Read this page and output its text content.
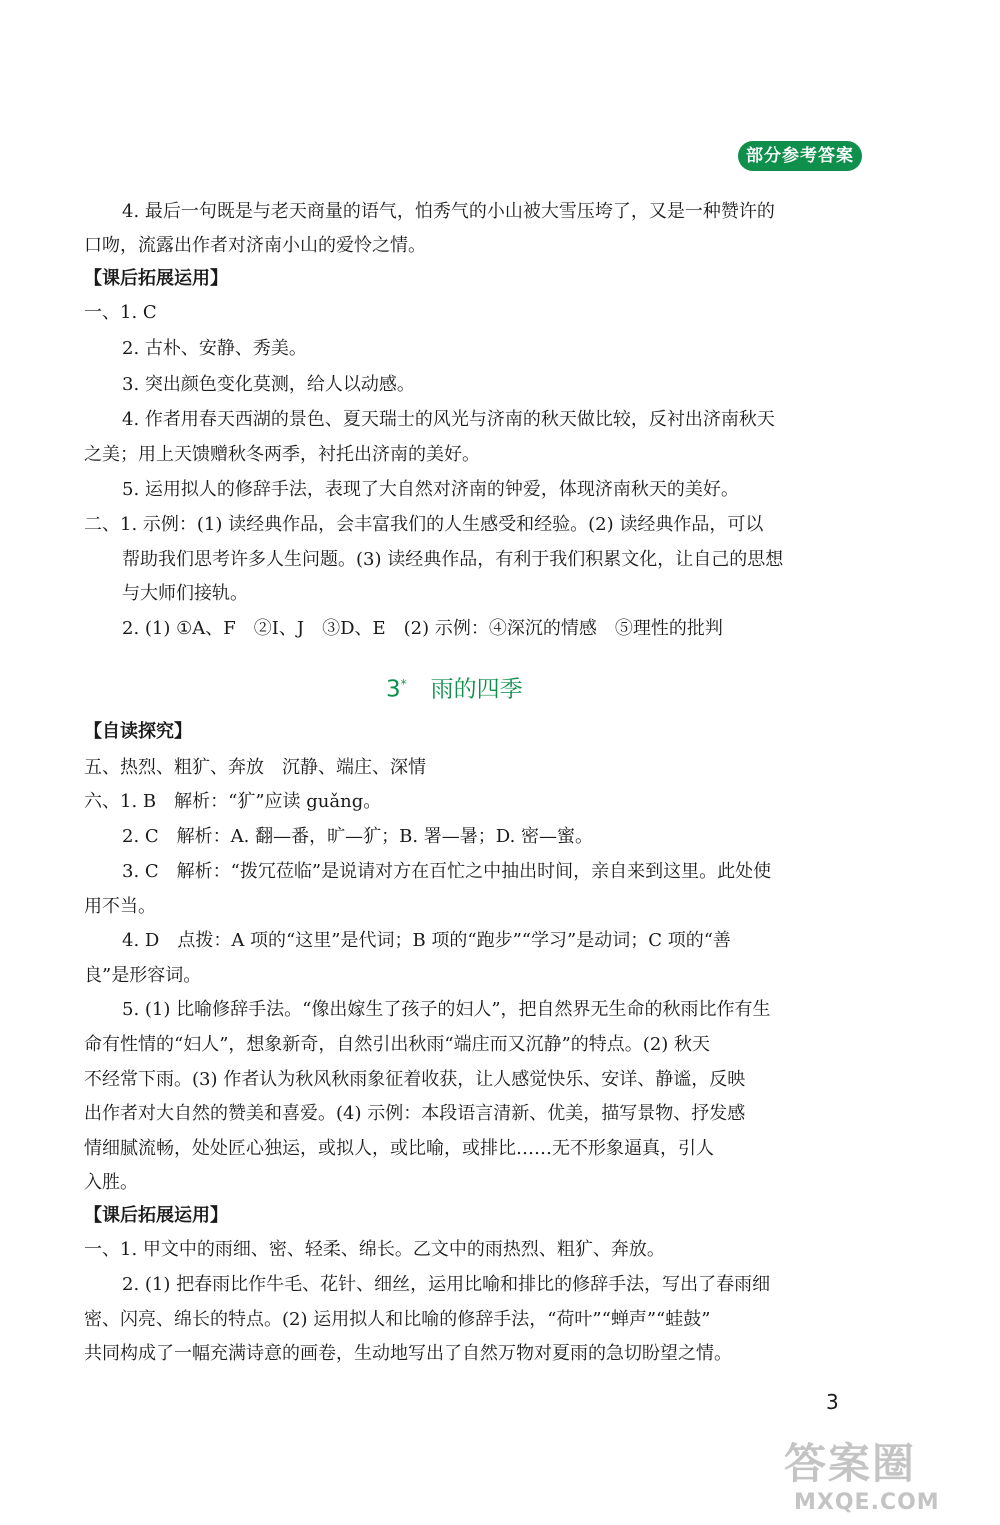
部分参考答案
4. 最后一句既是与老天商量的语气，怕秀气的小山被大雪压垮了，又是一种赞许的
口吻，流露出作者对济南小山的爱怜之情。
【课后拓展运用】
一、1. C
2. 古朴、安静、秀美。
3. 突出颜色变化莫测，给人以动感。
4. 作者用春天西湖的景色、夏天瑞士的风光与济南的秋天做比较，反衬出济南秋天
之美；用上天馈赠秋冬两季，衬托出济南的美好。
5. 运用拟人的修辞手法，表现了大自然对济南的钟爱，体现济南秋天的美好。
二、1. 示例：(1) 读经典作品，会丰富我们的人生感受和经验。(2) 读经典作品，可以
帮助我们思考许多人生问题。(3) 读经典作品，有利于我们积累文化，让自己的思想
与大师们接轨。
2. (1) ①A、F　②I、J　③D、E　(2) 示例：④深沉的情感　⑤理性的批判
3* 雨的四季
【自读探究】
五、热烈、粗犷、奔放　沉静、端庄、深情
六、1. B　解析：“犷”应读 guǎng。
2. C　解析：A. 翻—番，旷—犷；B. 署—暑；D. 密—蜜。
3. C　解析：“拨冗莅临”是说请对方在百忙之中抽出时间，亲自来到这里。此处使
用不当。
4. D　点拨：A 项的“这里”是代词；B 项的“跑步”“学习”是动词；C 项的“善
良”是形容词。
5. (1) 比喻修辞手法。“像出嫁生了孩子的妇人”，把自然界无生命的秋雨比作有生
命有性情的“妇人”，想象新奇，自然引出秋雨“端庄而又沉静”的特点。(2) 秋天
不经常下雨。(3) 作者认为秋风秋雨象征着收获，让人感觉快乐、安详、静谧，反映
出作者对大自然的赞美和喜爱。(4) 示例：本段语言清新、优美，描写景物、抒发感
情细腻流畅，处处匠心独运，或拟人，或比喻，或排比……无不形象逼真，引人
入胜。
【课后拓展运用】
一、1. 甲文中的雨细、密、轻柔、绵长。乙文中的雨热烈、粗犷、奔放。
2. (1) 把春雨比作牛毛、花针、细丝，运用比喻和排比的修辞手法，写出了春雨细
密、闪亮、绵长的特点。(2) 运用拟人和比喻的修辞手法，“荷叶”“蝉声”“蛙鼓”
共同构成了一幅充满诗意的画卷，生动地写出了自然万物对夏雨的急切盼望之情。
3
答案圈
MXQE.COM
